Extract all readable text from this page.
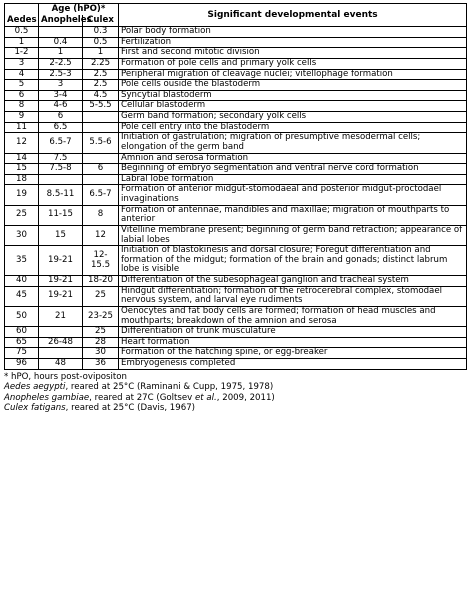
	Age (hPO)*		Significant developmental events
Aedes	Anopheles	Culex	
0.5		0.3	Polar body formation
1	0.4	0.5	Fertilization
1-2	1	1	First and second mitotic division
3	2-2.5	2.25	Formation of pole cells and primary yolk cells
4	2.5-3	2.5	Peripheral migration of cleavage nuclei; vitellophage formation
5	3	2.5	Pole cells ouside the blastoderm
6	3-4	4.5	Syncytial blastoderm
8	4-6	5-5.5	Cellular blastoderm
9	6		Germ band formation; secondary yolk cells
11	6.5		Pole cell entry into the blastoderm
12	6.5-7	5.5-6	Initiation of gastrulation; migration of presumptive mesodermal cells; elongation of the germ band
14	7.5		Amnion and serosa formation
15	7.5-8	6	Beginning of embryo segmentation and ventral nerve cord formation
18			Labral lobe formation
19	8.5-11	6.5-7	Formation of anterior midgut-stomodaeal and posterior midgut-proctodael invaginations
25	11-15	8	Formation of antennae, mandibles and maxillae; migration of mouthparts to anterior
30	15	12	Vitelline membrane present; beginning of germ band retraction; appearance of labial lobes
35	19-21	12-15.5	Initiation of blastokinesis and dorsal closure; Foregut differentiation and formation of the midgut; formation of the brain and gonads; distinct labrum lobe is visible
40	19-21	18-20	Differentiation of the subesophageal ganglion and tracheal system
45	19-21	25	Hindgut differentiation; formation of the retrocerebral complex, stomodael nervous system, and larval eye rudiments
50	21	23-25	Oenocytes and fat body cells are formed; formation of head muscles and mouthparts; breakdown of the amnion and serosa
60		25	Differentiation of trunk musculature
65	26-48	28	Heart formation
75		30	Formation of the hatching spine, or egg-breaker
96	48	36	Embryogenesis completed
* hPO, hours post-ovipositon
Aedes aegypti, reared at 25°C (Raminani & Cupp, 1975, 1978)
Anopheles gambiae, reared at 27C (Goltsev et al., 2009, 2011)
Culex fatigans, reared at 25°C (Davis, 1967)
